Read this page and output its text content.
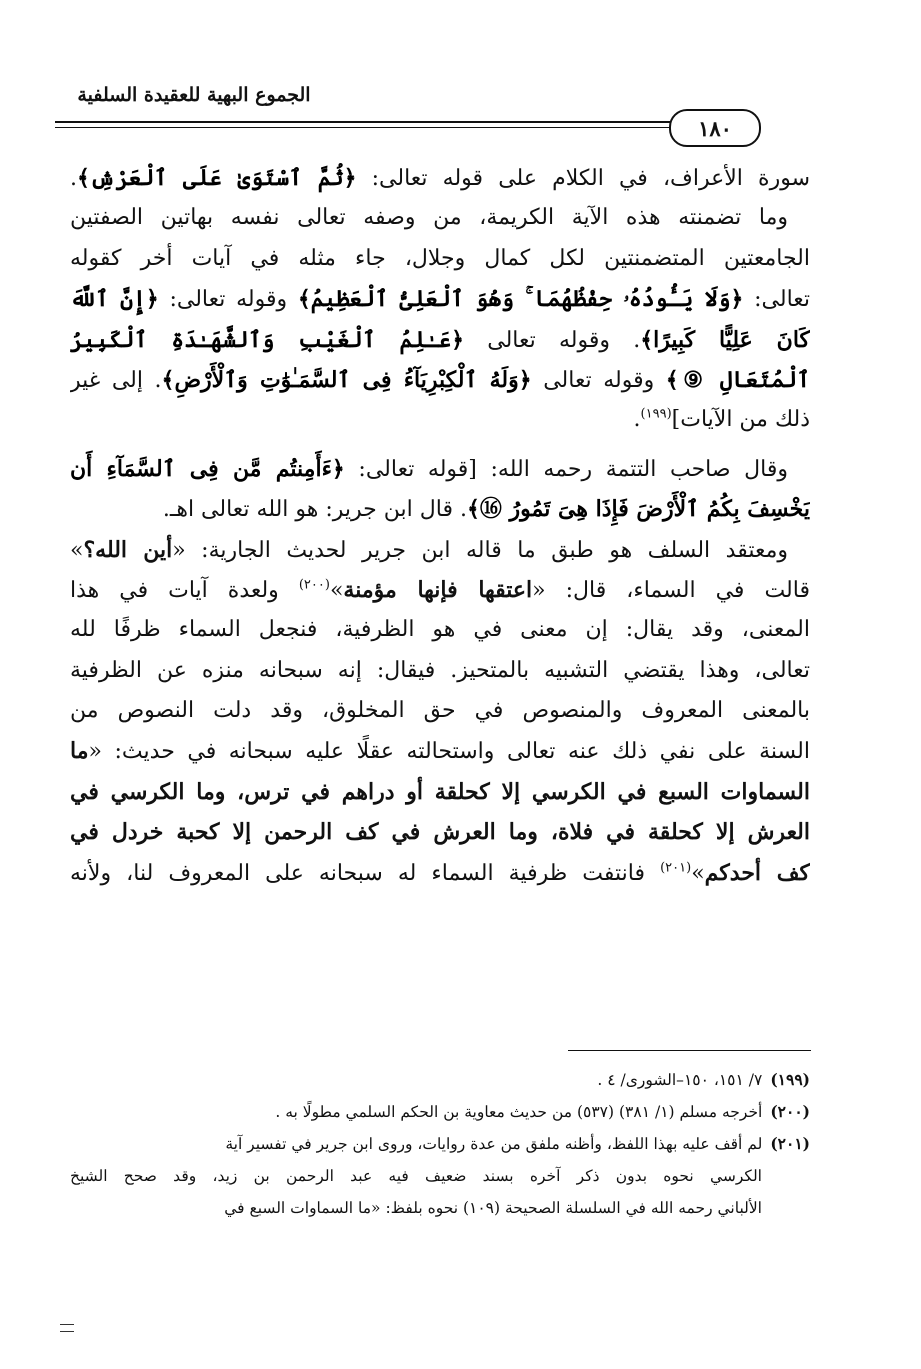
الجموع البهية للعقيدة السلفية
١٨٠
سورة الأعراف، في الكلام على قوله تعالى: ﴿ثُمَّ ٱسْتَوَىٰ عَلَى ٱلْعَرْشِ﴾.
وما تضمنته هذه الآية الكريمة، من وصفه تعالى نفسه بهاتين الصفتين
الجامعتين المتضمنتين لكل كمال وجلال، جاء مثله في آيات أخر كقوله
تعالى: ﴿وَلَا يَـُٔودُهُۥ حِفْظُهُمَا ۚ وَهُوَ ٱلْعَلِىُّ ٱلْعَظِيمُ﴾ وقوله تعالى: ﴿إِنَّ ٱللَّهَ
كَانَ عَلِيًّا كَبِيرًا﴾. وقوله تعالى ﴿عَـٰلِمُ ٱلْغَيْبِ وَٱلشَّهَـٰدَةِ ٱلْكَبِيرُ
ٱلْمُتَعَالِ ⑨﴾ وقوله تعالى ﴿وَلَهُ ٱلْكِبْرِيَآءُ فِى ٱلسَّمَـٰوَٰتِ وَٱلْأَرْضِ﴾. إلى غير
ذلك من الآيات]$^{(١٩٩)}$.
وقال صاحب التتمة رحمه الله: [قوله تعالى: ﴿ءَأَمِنتُم مَّن فِى ٱلسَّمَآءِ أَن
يَخْسِفَ بِكُمُ ٱلْأَرْضَ فَإِذَا هِىَ تَمُورُ ⑯﴾. قال ابن جرير: هو الله تعالى اهـ.
ومعتقد السلف هو طبق ما قاله ابن جرير لحديث الجارية: «أين الله؟»
قالت في السماء، قال: «اعتقها فإنها مؤمنة»$^{(٢٠٠)}$ ولعدة آيات في هذا
المعنى، وقد يقال: إن معنى في هو الظرفية، فنجعل السماء ظرفًا لله
تعالى، وهذا يقتضي التشبيه بالمتحيز. فيقال: إنه سبحانه منزه عن الظرفية
بالمعنى المعروف والمنصوص في حق المخلوق، وقد دلت النصوص من
السنة على نفي ذلك عنه تعالى واستحالته عقلًا عليه سبحانه في حديث: «ما
السماوات السبع في الكرسي إلا كحلقة أو دراهم في ترس، وما الكرسي في
العرش إلا كحلقة في فلاة، وما العرش في كف الرحمن إلا كحبة خردل في
كف أحدكم»$^{(٢٠١)}$ فانتفت ظرفية السماء له سبحانه على المعروف لنا، ولأنه
(١٩٩)٧/ ١٥١، ١٥٠–الشورى/ ٤ .
(٢٠٠)أخرجه مسلم (١/ ٣٨١) (٥٣٧) من حديث معاوية بن الحكم السلمي مطولًا به .
(٢٠١)لم أقف عليه بهذا اللفظ، وأظنه ملفق من عدة روايات، وروى ابن جرير في تفسير آية
الكرسي نحوه بدون ذكر آخره بسند ضعيف فيه عبد الرحمن بن زيد، وقد صحح الشيخ
الألباني رحمه الله في السلسلة الصحيحة (١٠٩) نحوه بلفظ: «ما السماوات السبع في
